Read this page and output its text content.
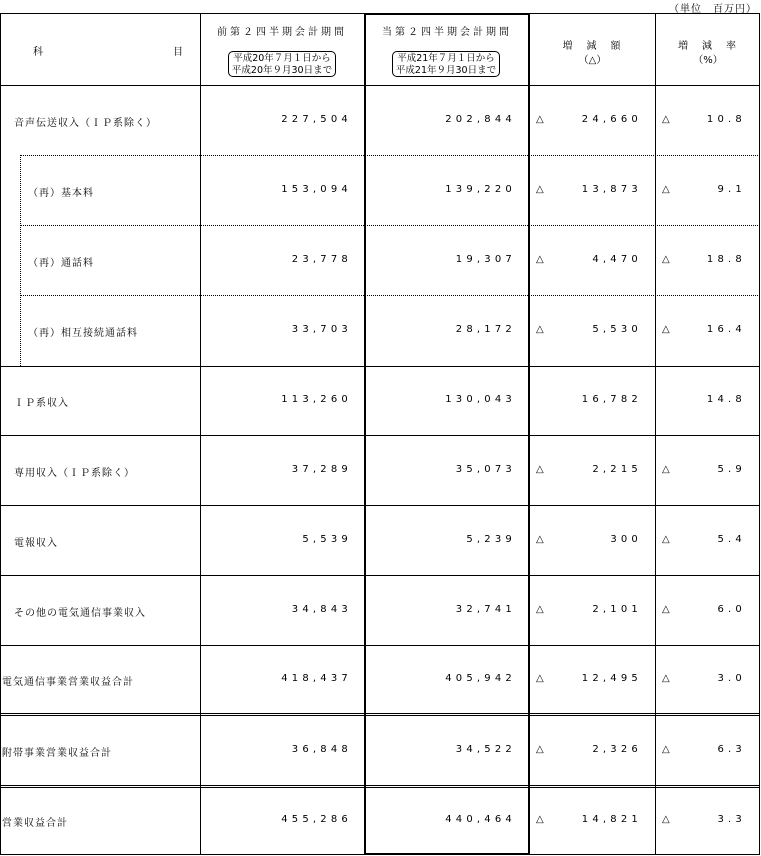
（単位　百万円）
科　　　　　　　　　目
前第２四半期会計期間
平成20年７月１日から
平成20年９月30日まで
当第２四半期会計期間
平成21年７月１日から
平成21年９月30日まで
増　減　額
（△）
増　減　率
（%）
音声伝送収入（ＩＰ系除く）	227,504	202,844 △	24,660 △	10.8
（再）基本料	153,094	139,220 △	13,873 △	9.1
（再）通話料	23,778	19,307 △	4,470 △	18.8
（再）相互接続通話料	33,703	28,172 △	5,530 △	16.4
ＩＰ系収入	113,260	130,043	16,782	14.8
専用収入（ＩＰ系除く）	37,289	35,073 △	2,215 △	5.9
電報収入	5,539	5,239 △	300 △	5.4
その他の電気通信事業収入	34,843	32,741 △	2,101 △	6.0
電気通信事業営業収益合計	418,437	405,942 △	12,495 △	3.0
附帯事業営業収益合計	36,848	34,522 △	2,326 △	6.3
営業収益合計	455,286	440,464 △	14,821 △	3.3
